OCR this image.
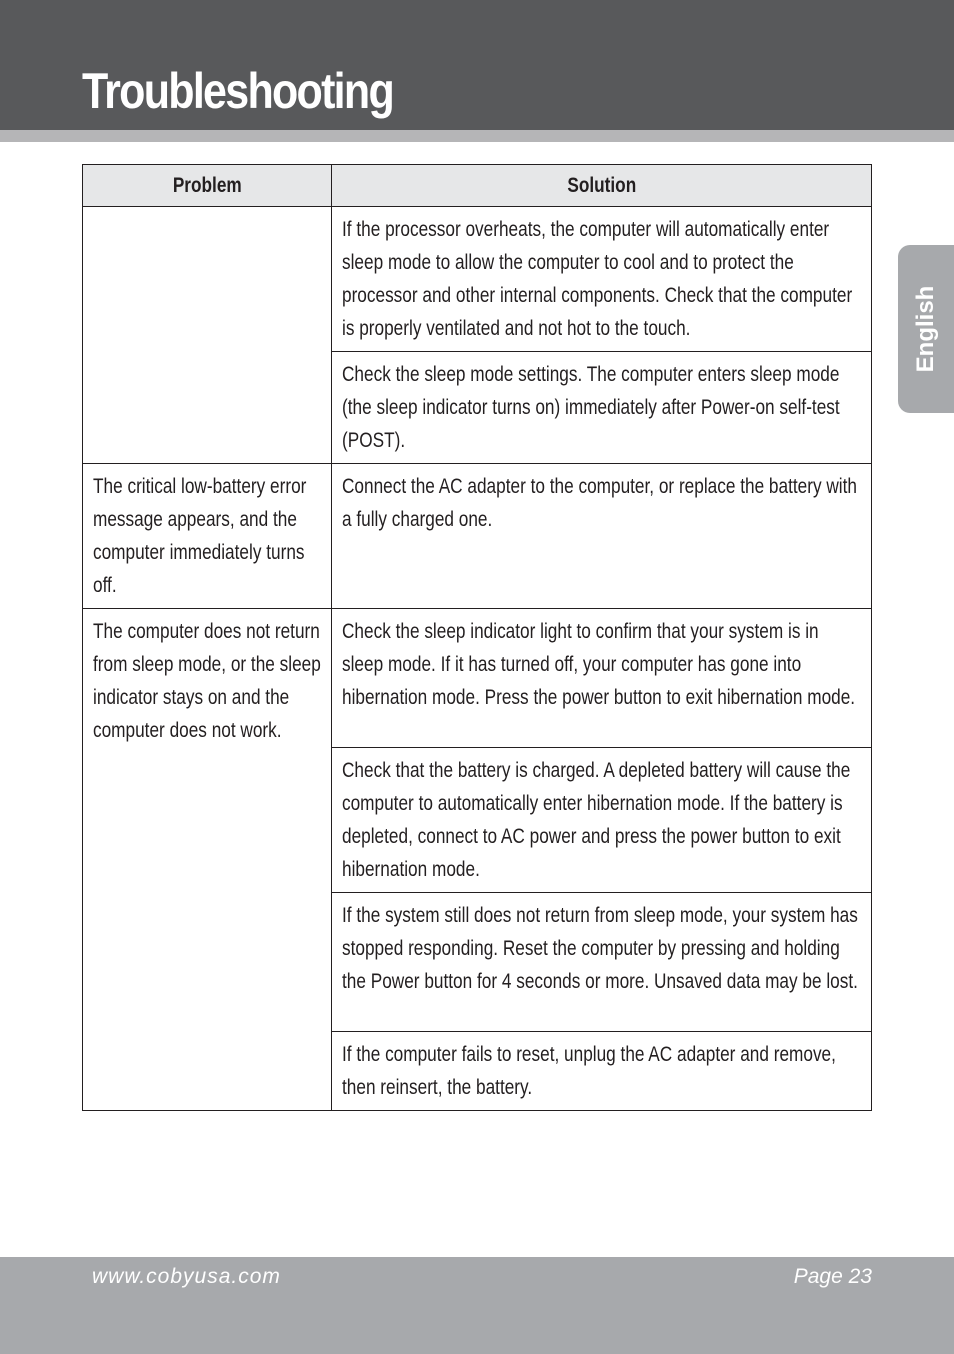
Troubleshooting
English
Problem	Solution

	If the processor overheats, the computer will automatically enter sleep mode to allow the computer to cool and to protect the processor and other internal components. Check that the computer is properly ventilated and not hot to the touch.

	Check the sleep mode settings. The computer enters sleep mode (the sleep indicator turns on) immediately after Power-on self-test (POST).

The critical low-battery error message appears, and the computer immediately turns off.	Connect the AC adapter to the computer, or replace the battery with a fully charged one.

The computer does not return from sleep mode, or the sleep indicator stays on and the computer does not work.	Check the sleep indicator light to confirm that your system is in sleep mode. If it has turned off, your computer has gone into hibernation mode. Press the power button to exit hibernation mode.

	Check that the battery is charged. A depleted battery will cause the computer to automatically enter hibernation mode. If the battery is depleted, connect to AC power and press the power button to exit hibernation mode.

	If the system still does not return from sleep mode, your system has stopped responding. Reset the computer by pressing and holding the Power button for 4 seconds or more. Unsaved data may be lost.

	If the computer fails to reset, unplug the AC adapter and remove, then reinsert, the battery.
www.cobyusa.com	Page 23
